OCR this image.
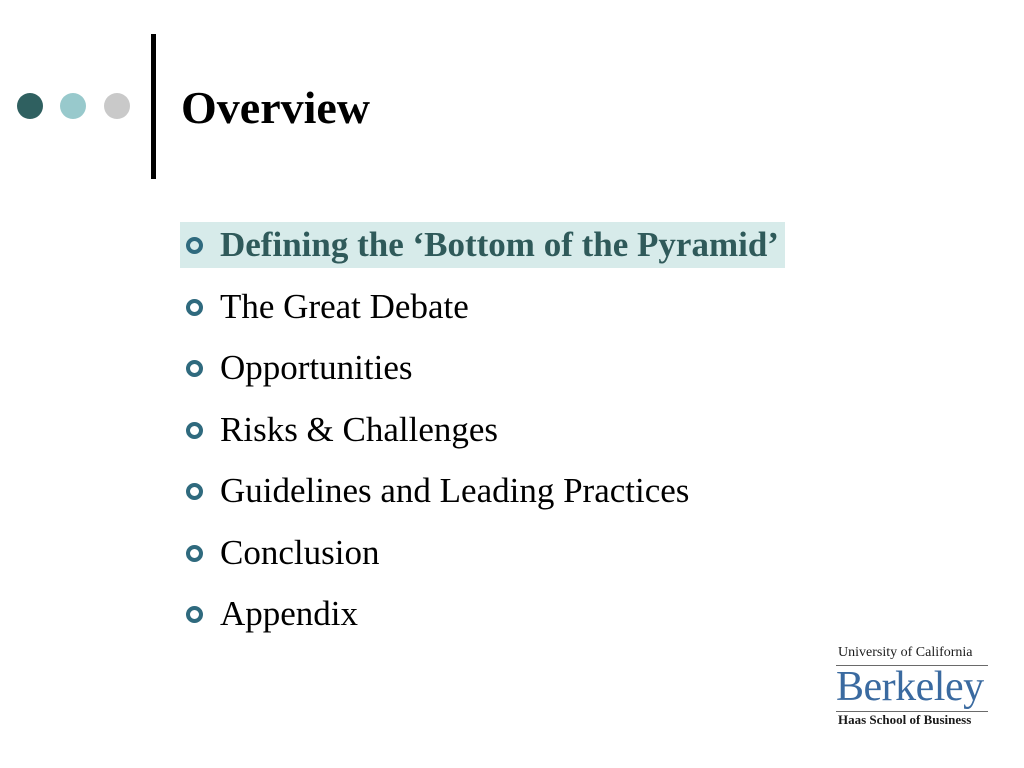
Overview
Defining the ‘Bottom of the Pyramid’
The Great Debate
Opportunities
Risks & Challenges
Guidelines and Leading Practices
Conclusion
Appendix
University of California
Berkeley
Haas School of Business
